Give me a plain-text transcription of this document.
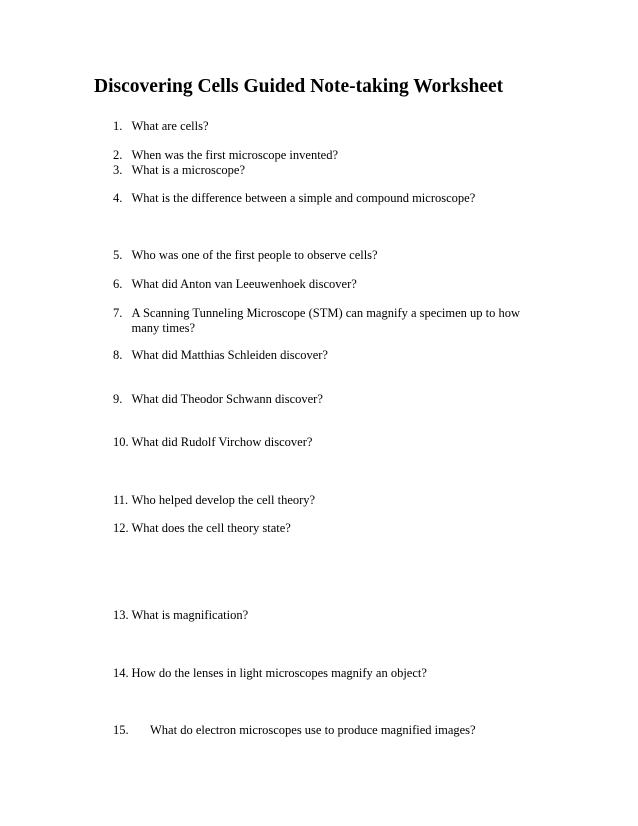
Discovering Cells Guided Note-taking Worksheet
1. What are cells?
2. When was the first microscope invented?
3. What is a microscope?
4. What is the difference between a simple and compound microscope?
5. Who was one of the first people to observe cells?
6. What did Anton van Leeuwenhoek discover?
7. A Scanning Tunneling Microscope (STM) can magnify a specimen up to how many times?
8. What did Matthias Schleiden discover?
9. What did Theodor Schwann discover?
10. What did Rudolf Virchow discover?
11. Who helped develop the cell theory?
12. What does the cell theory state?
13. What is magnification?
14. How do the lenses in light microscopes magnify an object?
15. What do electron microscopes use to produce magnified images?
